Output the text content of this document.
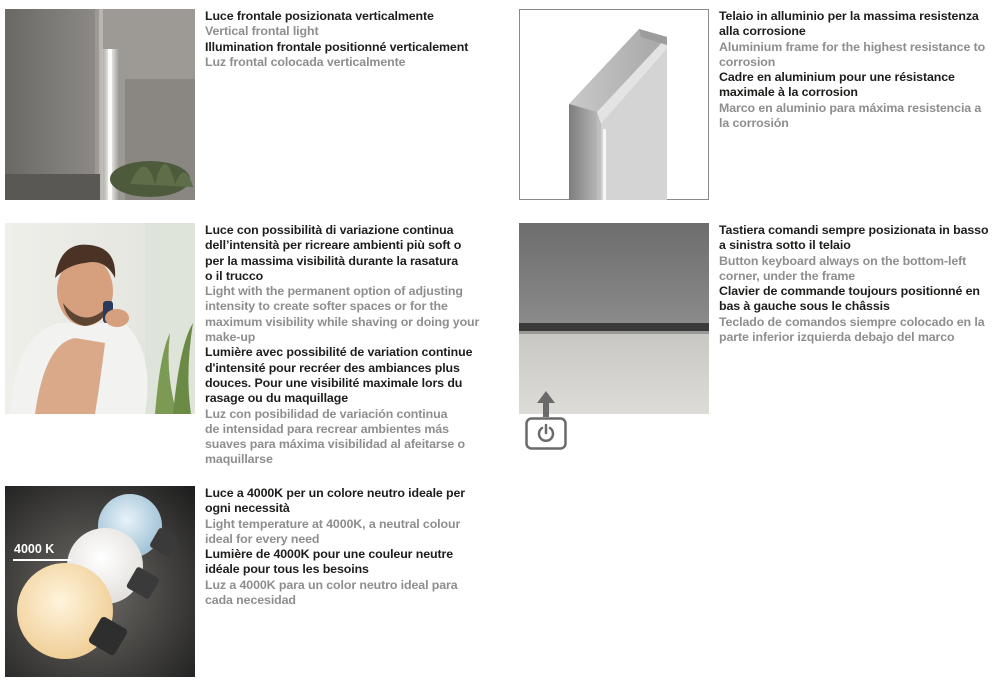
Luce frontale posizionata verticalmente

Vertical frontal light

Illumination frontale positionné verticalement

Luz frontal colocada verticalmente

Telaio in alluminio per la massima resistenza
alla corrosione

Aluminium frame for the highest resistance to
corrosion

Cadre en aluminium pour une résistance
maximale à la corrosion

Marco en aluminio para máxima resistencia a
la corrosión

Luce con possibilità di variazione continua
dell’intensità per ricreare ambienti più soft o
per la massima visibilità durante la rasatura
o il trucco

Light with the permanent option of adjusting
intensity to create softer spaces or for the
maximum visibility while shaving or doing your
make-up

Lumière avec possibilité de variation continue
d'intensité pour recréer des ambiances plus
douces. Pour une visibilité maximale lors du
rasage ou du maquillage

Luz con posibilidad de variación continua
de intensidad para recrear ambientes más
suaves para máxima visibilidad al afeitarse o
maquillarse

Tastiera comandi sempre posizionata in basso
a sinistra sotto il telaio

Button keyboard always on the bottom-left
corner, under the frame

Clavier de commande toujours positionné en
bas à gauche sous le châssis

Teclado de comandos siempre colocado en la
parte inferior izquierda debajo del marco

4000 K

Luce a 4000K per un colore neutro ideale per
ogni necessità

Light temperature at 4000K, a neutral colour
ideal for every need

Lumière de 4000K pour une couleur neutre
idéale pour tous les besoins

Luz a 4000K para un color neutro ideal para
cada necesidad
